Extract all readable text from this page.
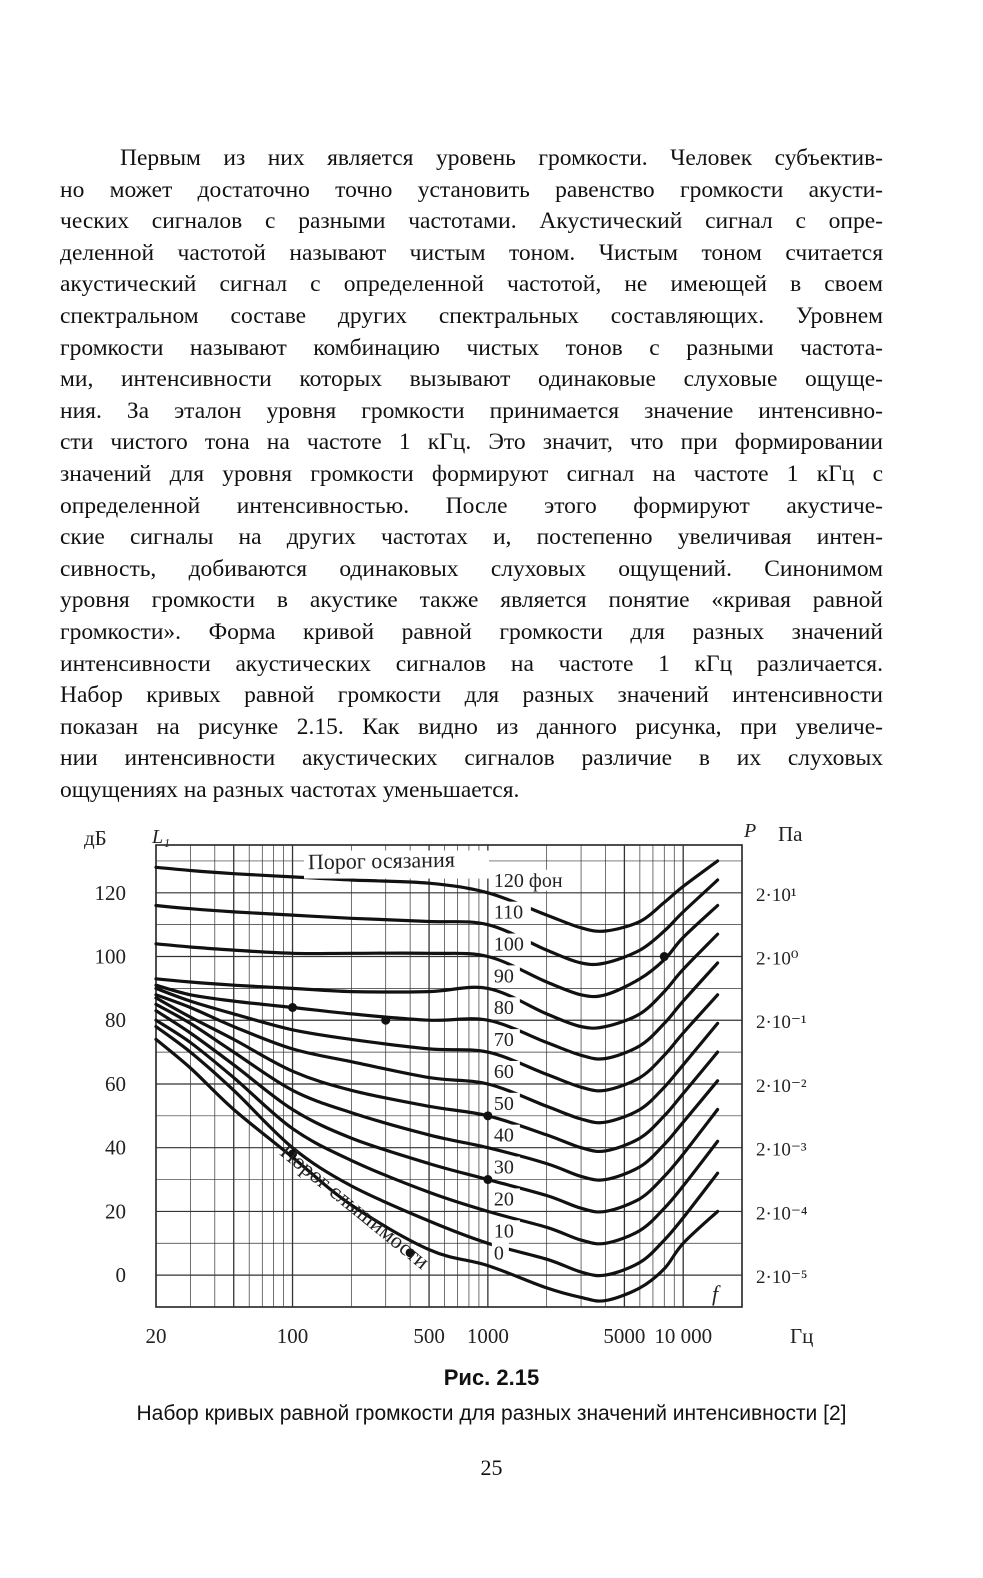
Первым из них является уровень громкости. Человек субъектив-
но может достаточно точно установить равенство громкости акусти-
ческих сигналов с разными частотами. Акустический сигнал с опре-
деленной частотой называют чистым тоном. Чистым тоном считается
акустический сигнал с определенной частотой, не имеющей в своем
спектральном составе других спектральных составляющих. Уровнем
громкости называют комбинацию чистых тонов с разными частота-
ми, интенсивности которых вызывают одинаковые слуховые ощуще-
ния. За эталон уровня громкости принимается значение интенсивно-
сти чистого тона на частоте 1 кГц. Это значит, что при формировании
значений для уровня громкости формируют сигнал на частоте 1 кГц с
определенной интенсивностью. После этого формируют акустиче-
ские сигналы на других частотах и, постепенно увеличивая интен-
сивность, добиваются одинаковых слуховых ощущений. Синонимом
уровня громкости в акустике также является понятие «кривая равной
громкости». Форма кривой равной громкости для разных значений
интенсивности акустических сигналов на частоте 1 кГц различается.
Набор кривых равной громкости для разных значений интенсивности
показан на рисунке 2.15. Как видно из данного рисунка, при увеличе-
нии интенсивности акустических сигналов различие в их слуховых
ощущениях на разных частотах уменьшается.
120 фон
110
100
90
80
70
60
50
40
30
20
10
0
0
20
40
60
80
100
120	2·10¹
2·10⁰
2·10⁻¹
2·10⁻²
2·10⁻³
2·10⁻⁴
2·10⁻⁵
20	100	500 1000	5000 10 000
дБ L₁	P Па
f
Гц
Порог осязания
Порог слышимости
Рис. 2.15
Набор кривых равной громкости для разных значений интенсивности [2]
25
